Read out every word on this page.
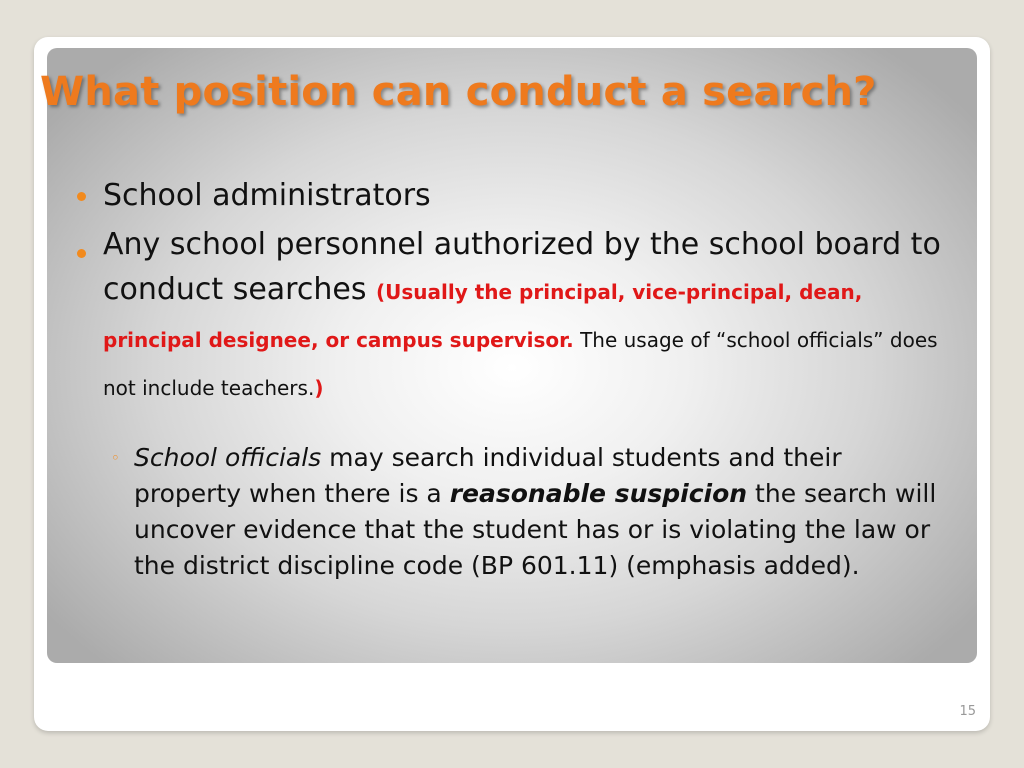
What position can conduct a search?
School administrators
Any school personnel authorized by the school board to conduct searches (Usually the principal, vice-principal, dean, principal designee, or campus supervisor. The usage of “school officials” does not include teachers.)
◦ School officials may search individual students and their property when there is a reasonable suspicion the search will uncover evidence that the student has or is violating the law or the district discipline code (BP 601.11) (emphasis added).
15
